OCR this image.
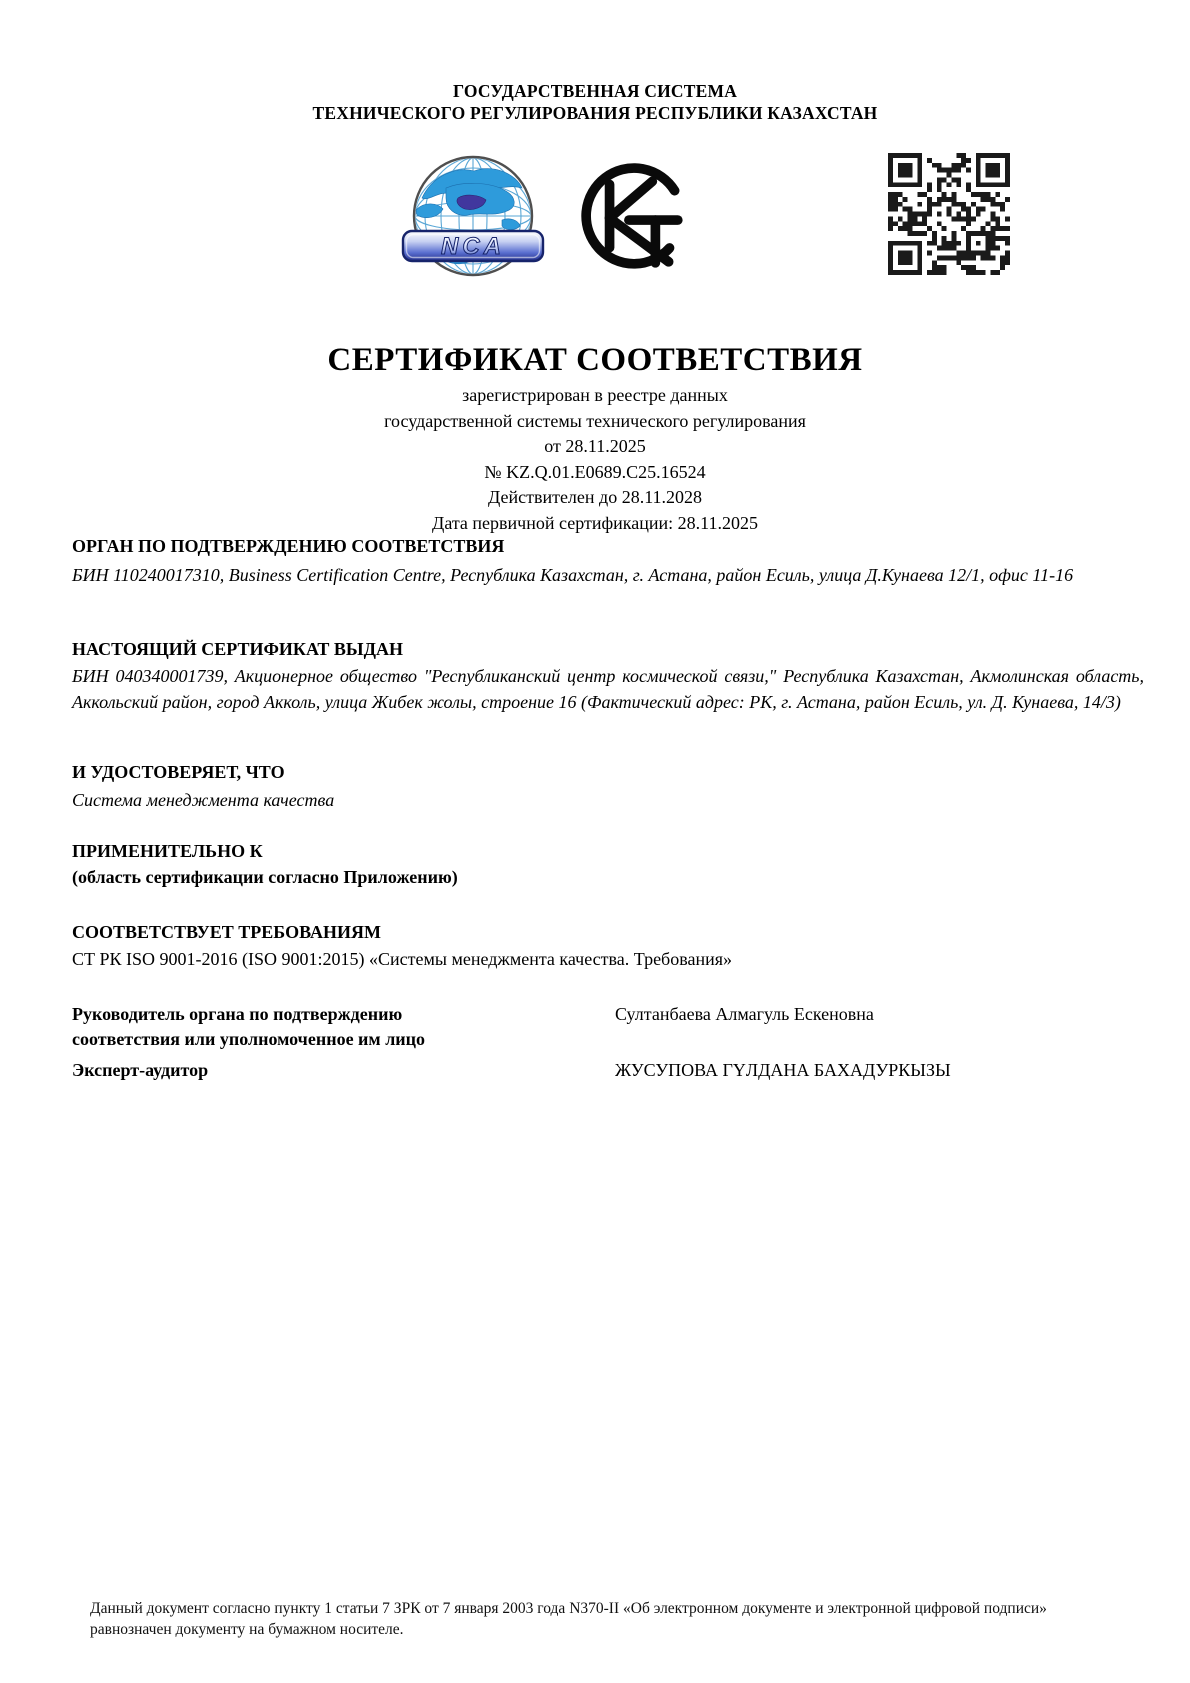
ГОСУДАРСТВЕННАЯ СИСТЕМА
ТЕХНИЧЕСКОГО РЕГУЛИРОВАНИЯ РЕСПУБЛИКИ КАЗАХСТАН
NCA
СЕРТИФИКАТ СООТВЕТСТВИЯ
зарегистрирован в реестре данных
государственной системы технического регулирования
от 28.11.2025
№ KZ.Q.01.E0689.C25.16524
Действителен до 28.11.2028
Дата первичной сертификации: 28.11.2025
ОРГАН ПО ПОДТВЕРЖДЕНИЮ СООТВЕТСТВИЯ
БИН 110240017310, Business Certification Centre, Республика Казахстан, г. Астана, район Есиль, улица Д.Кунаева 12/1, офис 11-16
НАСТОЯЩИЙ СЕРТИФИКАТ ВЫДАН
БИН 040340001739, Акционерное общество "Республиканский центр космической связи," Республика Казахстан, Акмолинская область, Аккольский район, город Акколь, улица Жибек жолы, строение 16 (Фактический адрес: РК, г. Астана, район Есиль, ул. Д. Кунаева, 14/3)
И УДОСТОВЕРЯЕТ, ЧТО
Система менеджмента качества
ПРИМЕНИТЕЛЬНО К
(область сертификации согласно Приложению)
СООТВЕТСТВУЕТ ТРЕБОВАНИЯМ
СТ РК ISO 9001-2016 (ISO 9001:2015) «Системы менеджмента качества. Требования»
Руководитель органа по подтверждению соответствия или уполномоченное им лицо
Султанбаева Алмагуль Ескеновна
Эксперт-аудитор	ЖУСУПОВА ГҮЛДАНА БАХАДУРКЫЗЫ
Данный документ согласно пункту 1 статьи 7 ЗРК от 7 января 2003 года N370-II «Об электронном документе и электронной цифровой подписи» равнозначен документу на бумажном носителе.
